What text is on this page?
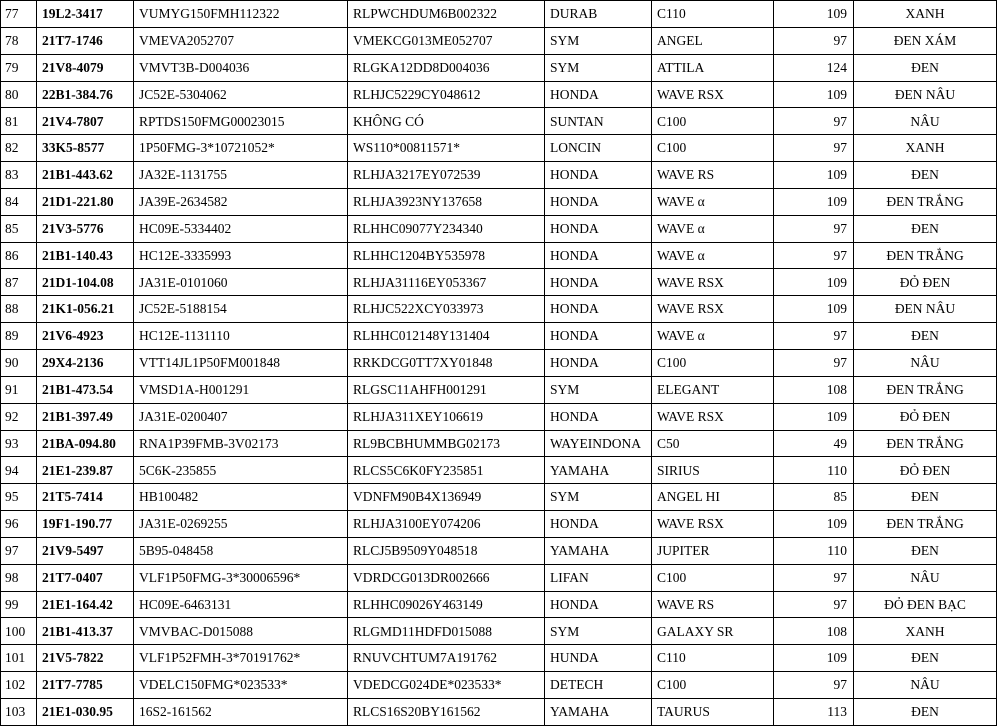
77	19L2-3417	VUMYG150FMH112322	RLPWCHDUM6B002322	DURAB	C110	109	XANH
78	21T7-1746	VMEVA2052707	VMEKCG013ME052707	SYM	ANGEL	97	ĐEN XÁM
79	21V8-4079	VMVT3B-D004036	RLGKA12DD8D004036	SYM	ATTILA	124	ĐEN
80	22B1-384.76	JC52E-5304062	RLHJC5229CY048612	HONDA	WAVE RSX	109	ĐEN NÂU
81	21V4-7807	RPTDS150FMG00023015	KHÔNG CÓ	SUNTAN	C100	97	NÂU
82	33K5-8577	1P50FMG-3*10721052*	WS110*00811571*	LONCIN	C100	97	XANH
83	21B1-443.62	JA32E-1131755	RLHJA3217EY072539	HONDA	WAVE RS	109	ĐEN
84	21D1-221.80	JA39E-2634582	RLHJA3923NY137658	HONDA	WAVE α	109	ĐEN TRẮNG
85	21V3-5776	HC09E-5334402	RLHHC09077Y234340	HONDA	WAVE α	97	ĐEN
86	21B1-140.43	HC12E-3335993	RLHHC1204BY535978	HONDA	WAVE α	97	ĐEN TRẮNG
87	21D1-104.08	JA31E-0101060	RLHJA31116EY053367	HONDA	WAVE RSX	109	ĐỎ ĐEN
88	21K1-056.21	JC52E-5188154	RLHJC522XCY033973	HONDA	WAVE RSX	109	ĐEN NÂU
89	21V6-4923	HC12E-1131110	RLHHC012148Y131404	HONDA	WAVE α	97	ĐEN
90	29X4-2136	VTT14JL1P50FM001848	RRKDCG0TT7XY01848	HONDA	C100	97	NÂU
91	21B1-473.54	VMSD1A-H001291	RLGSC11AHFH001291	SYM	ELEGANT	108	ĐEN TRẮNG
92	21B1-397.49	JA31E-0200407	RLHJA311XEY106619	HONDA	WAVE RSX	109	ĐỎ ĐEN
93	21BA-094.80	RNA1P39FMB-3V02173	RL9BCBHUMMBG02173	WAYEINDONA	C50	49	ĐEN TRẮNG
94	21E1-239.87	5C6K-235855	RLCS5C6K0FY235851	YAMAHA	SIRIUS	110	ĐỎ ĐEN
95	21T5-7414	HB100482	VDNFM90B4X136949	SYM	ANGEL HI	85	ĐEN
96	19F1-190.77	JA31E-0269255	RLHJA3100EY074206	HONDA	WAVE RSX	109	ĐEN TRẮNG
97	21V9-5497	5B95-048458	RLCJ5B9509Y048518	YAMAHA	JUPITER	110	ĐEN
98	21T7-0407	VLF1P50FMG-3*30006596*	VDRDCG013DR002666	LIFAN	C100	97	NÂU
99	21E1-164.42	HC09E-6463131	RLHHC09026Y463149	HONDA	WAVE RS	97	ĐỎ ĐEN BẠC
100	21B1-413.37	VMVBAC-D015088	RLGMD11HDFD015088	SYM	GALAXY SR	108	XANH
101	21V5-7822	VLF1P52FMH-3*70191762*	RNUVCHTUM7A191762	HUNDA	C110	109	ĐEN
102	21T7-7785	VDELC150FMG*023533*	VDEDCG024DE*023533*	DETECH	C100	97	NÂU
103	21E1-030.95	16S2-161562	RLCS16S20BY161562	YAMAHA	TAURUS	113	ĐEN
